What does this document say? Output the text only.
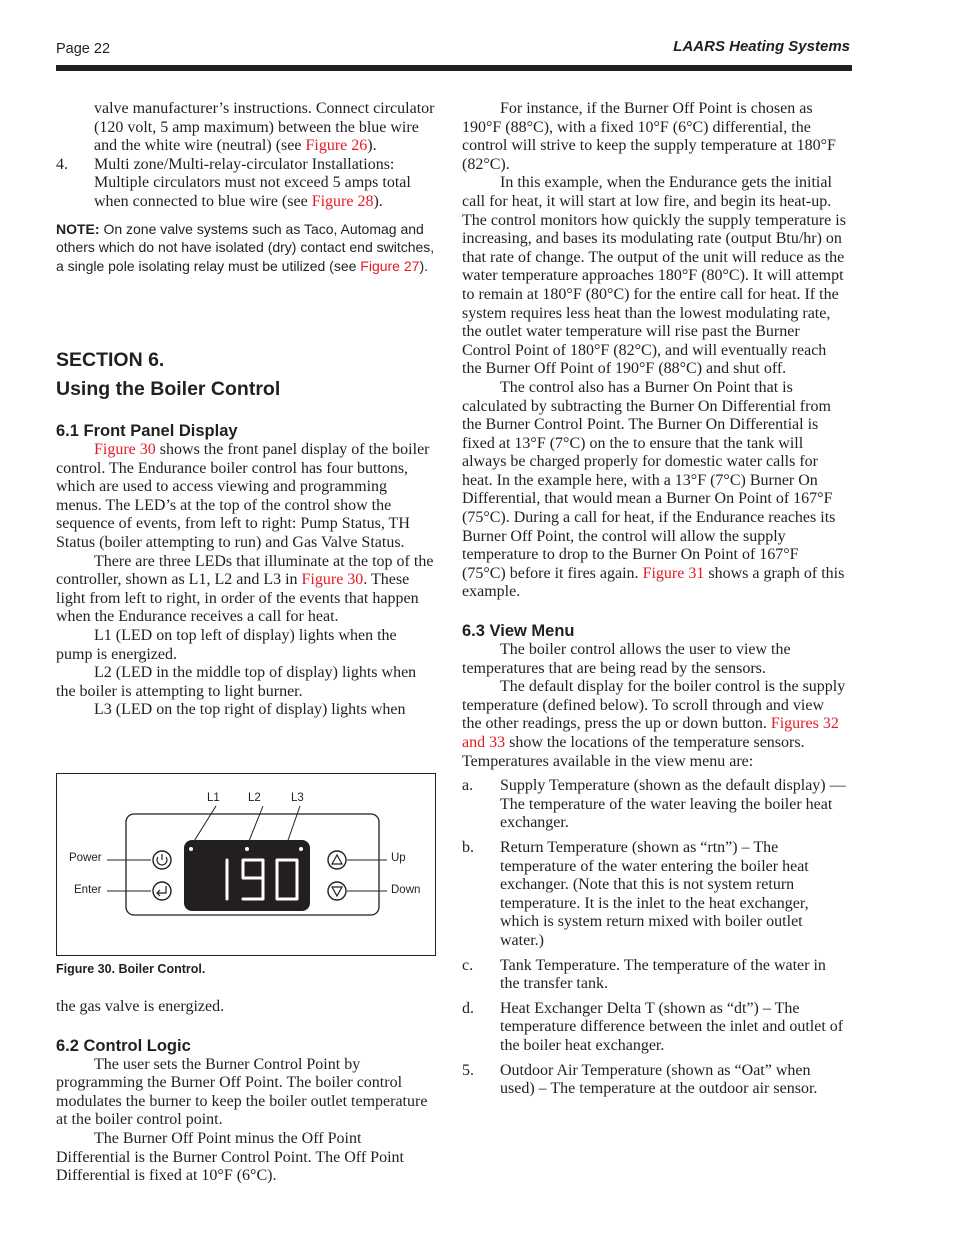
Page 22	LAARS Heating Systems

valve manufacturer’s instructions. Connect circulator (120 volt, 5 amp maximum) between the blue wire and the white wire (neutral) (see Figure 26).

4. Multi zone/Multi-relay-circulator Installations: Multiple circulators must not exceed 5 amps total when connected to blue wire (see Figure 28).

NOTE: On zone valve systems such as Taco, Automag and others which do not have isolated (dry) contact end switches, a single pole isolating relay must be utilized (see Figure 27).

SECTION 6.
Using the Boiler Control
6.1 Front Panel Display

Figure 30 shows the front panel display of the boiler control. The Endurance boiler control has four buttons, which are used to access viewing and programming menus. The LED’s at the top of the control show the sequence of events, from left to right: Pump Status, TH Status (boiler attempting to run) and Gas Valve Status.

There are three LEDs that illuminate at the top of the controller, shown as L1, L2 and L3 in Figure 30. These light from left to right, in order of the events that happen when the Endurance receives a call for heat.

L1 (LED on top left of display) lights when the pump is energized.

L2 (LED in the middle top of display) lights when the boiler is attempting to light burner.

L3 (LED on the top right of display) lights when

L1 L2	L3
Power
Enter
Up
Down
Figure 30. Boiler Control.

the gas valve is energized.

6.2 Control Logic

The user sets the Burner Control Point by programming the Burner Off Point. The boiler control modulates the burner to keep the boiler outlet temperature at the boiler control point.

The Burner Off Point minus the Off Point Differential is the Burner Control Point. The Off Point Differential is fixed at 10°F (6°C).

For instance, if the Burner Off Point is chosen as 190°F (88°C), with a fixed 10°F (6°C) differential, the control will strive to keep the supply temperature at 180°F (82°C).

In this example, when the Endurance gets the initial call for heat, it will start at low fire, and begin its heat-up. The control monitors how quickly the supply temperature is increasing, and bases its modulating rate (output Btu/hr) on that rate of change. The output of the unit will reduce as the water temperature approaches 180°F (80°C). It will attempt to remain at 180°F (80°C) for the entire call for heat. If the system requires less heat than the lowest modulating rate, the outlet water temperature will rise past the Burner Control Point of 180°F (82°C), and will eventually reach the Burner Off Point of 190°F (88°C) and shut off.

The control also has a Burner On Point that is calculated by subtracting the Burner On Differential from the Burner Control Point. The Burner On Differential is fixed at 13°F (7°C) on the to ensure that the tank will always be charged properly for domestic water calls for heat. In the example here, with a 13°F (7°C) Burner On Differential, that would mean a Burner On Point of 167°F (75°C). During a call for heat, if the Endurance reaches its Burner Off Point, the control will allow the supply temperature to drop to the Burner On Point of 167°F (75°C) before it fires again. Figure 31 shows a graph of this example.

6.3 View Menu

The boiler control allows the user to view the temperatures that are being read by the sensors.

The default display for the boiler control is the supply temperature (defined below). To scroll through and view the other readings, press the up or down button. Figures 32 and 33 show the locations of the temperature sensors. Temperatures available in the view menu are:

a. Supply Temperature (shown as the default display) — The temperature of the water leaving the boiler heat exchanger.
b. Return Temperature (shown as “rtn”) – The temperature of the water entering the boiler heat exchanger. (Note that this is not system return temperature. It is the inlet to the heat exchanger, which is system return mixed with boiler outlet water.)
c. Tank Temperature. The temperature of the water in the transfer tank.
d. Heat Exchanger Delta T (shown as “dt”) – The temperature difference between the inlet and outlet of the boiler heat exchanger.
5. Outdoor Air Temperature (shown as “Oat” when used) – The temperature at the outdoor air sensor.
